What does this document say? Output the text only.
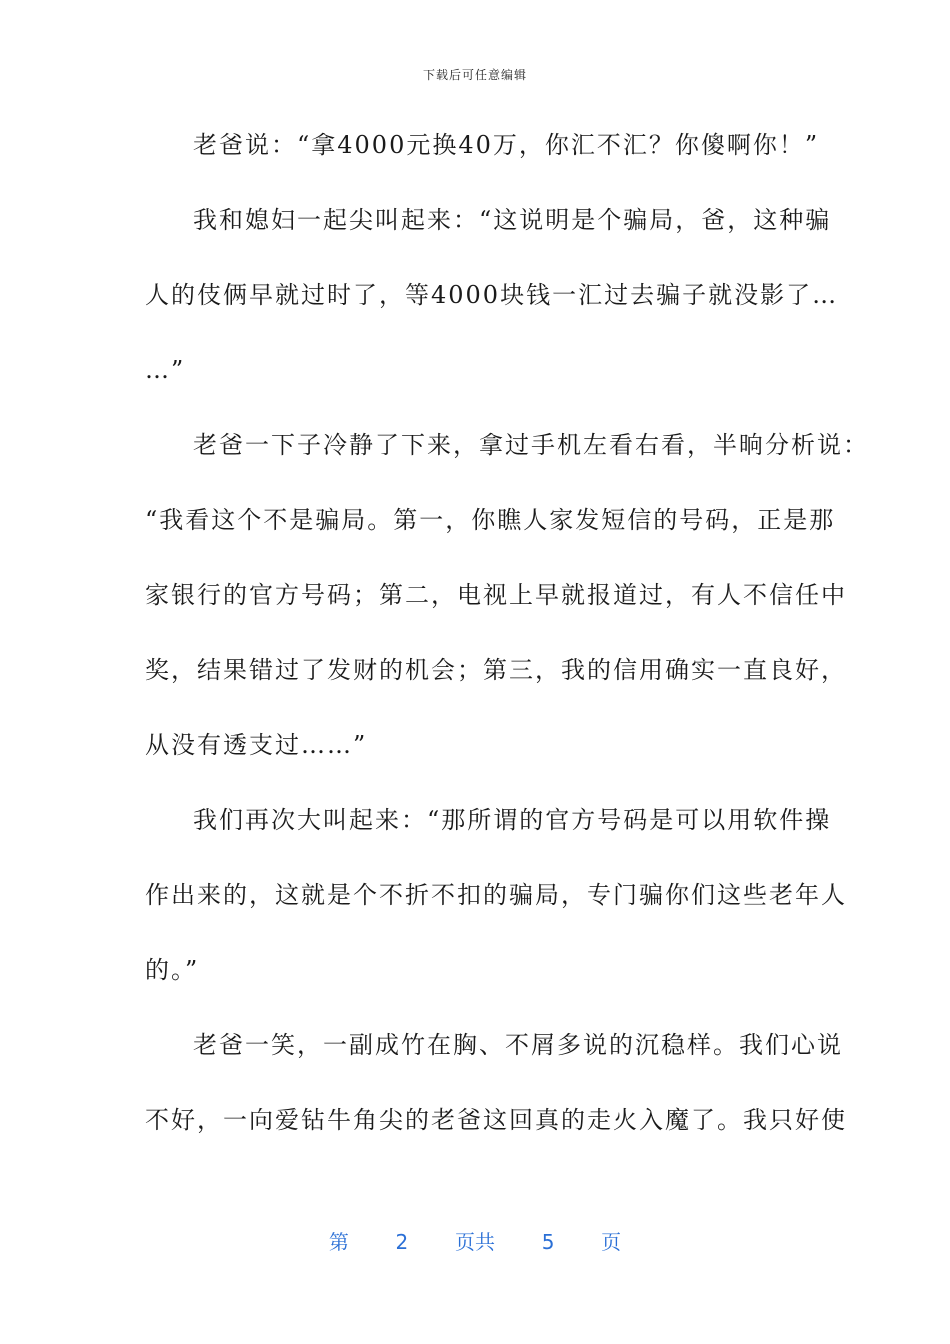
下载后可任意编辑
老爸说：“拿4000元换40万，你汇不汇？你傻啊你！”
我和媳妇一起尖叫起来：“这说明是个骗局，爸，这种骗
人的伎俩早就过时了，等4000块钱一汇过去骗子就没影了…
…”
老爸一下子冷静了下来，拿过手机左看右看，半晌分析说：
“我看这个不是骗局。第一，你瞧人家发短信的号码，正是那
家银行的官方号码；第二，电视上早就报道过，有人不信任中
奖，结果错过了发财的机会；第三，我的信用确实一直良好，
从没有透支过……”
我们再次大叫起来：“那所谓的官方号码是可以用软件操
作出来的，这就是个不折不扣的骗局，专门骗你们这些老年人
的。”
老爸一笑，一副成竹在胸、不屑多说的沉稳样。我们心说
不好，一向爱钻牛角尖的老爸这回真的走火入魔了。我只好使
第 2 页共 5 页
